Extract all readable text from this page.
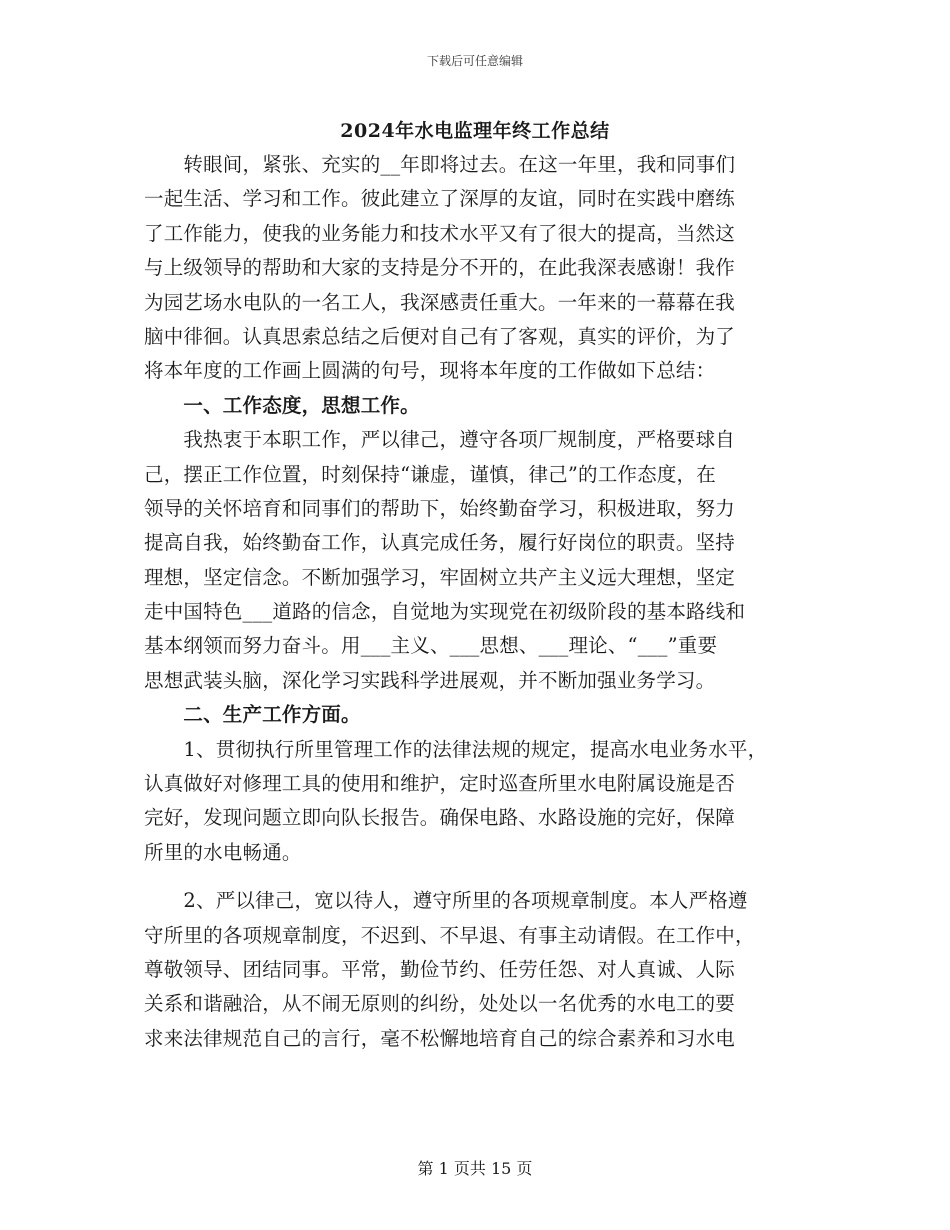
下载后可任意编辑
2024年水电监理年终工作总结
　　转眼间，紧张、充实的__年即将过去。在这一年里，我和同事们
一起生活、学习和工作。彼此建立了深厚的友谊，同时在实践中磨练
了工作能力，使我的业务能力和技术水平又有了很大的提高，当然这
与上级领导的帮助和大家的支持是分不开的，在此我深表感谢！我作
为园艺场水电队的一名工人，我深感责任重大。一年来的一幕幕在我
脑中徘徊。认真思索总结之后便对自己有了客观，真实的评价，为了
将本年度的工作画上圆满的句号，现将本年度的工作做如下总结：
　　一、工作态度，思想工作。
　　我热衷于本职工作，严以律己，遵守各项厂规制度，严格要球自
己，摆正工作位置，时刻保持“谦虚，谨慎，律己”的工作态度，在
领导的关怀培育和同事们的帮助下，始终勤奋学习，积极进取，努力
提高自我，始终勤奋工作，认真完成任务，履行好岗位的职责。坚持
理想，坚定信念。不断加强学习，牢固树立共产主义远大理想，坚定
走中国特色___道路的信念，自觉地为实现党在初级阶段的基本路线和
基本纲领而努力奋斗。用___主义、___思想、___理论、“___”重要
思想武装头脑，深化学习实践科学进展观，并不断加强业务学习。
　　二、生产工作方面。
　　1、贯彻执行所里管理工作的法律法规的规定，提高水电业务水平，
认真做好对修理工具的使用和维护，定时巡查所里水电附属设施是否
完好，发现问题立即向队长报告。确保电路、水路设施的完好，保障
所里的水电畅通。
　　2、严以律己，宽以待人，遵守所里的各项规章制度。本人严格遵
守所里的各项规章制度，不迟到、不早退、有事主动请假。在工作中，
尊敬领导、团结同事。平常，勤俭节约、任劳任怨、对人真诚、人际
关系和谐融洽，从不闹无原则的纠纷，处处以一名优秀的水电工的要
求来法律规范自己的言行，毫不松懈地培育自己的综合素养和习水电
第 1 页共 15 页
